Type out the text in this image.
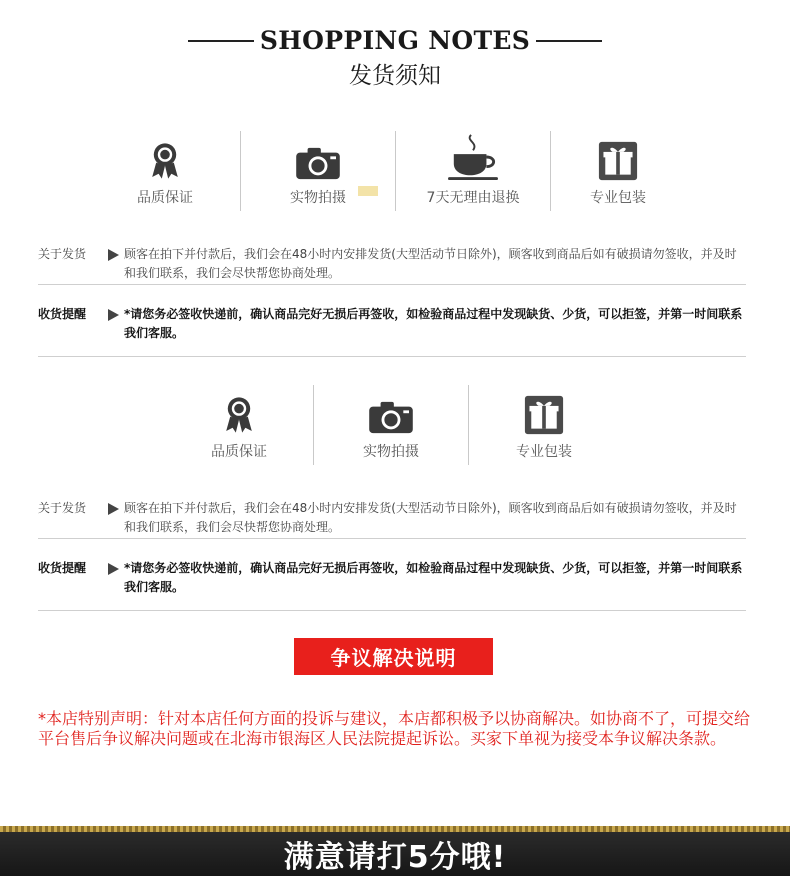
SHOPPING NOTES
发货须知
品质保证	实物拍摄	7天无理由退换	专业包装
关于发货	顾客在拍下并付款后，我们会在48小时内安排发货(大型活动节日除外)，顾客收到商品后如有破损请勿签收，并及时和我们联系，我们会尽快帮您协商处理。
收货提醒	*请您务必签收快递前，确认商品完好无损后再签收，如检验商品过程中发现缺货、少货，可以拒签，并第一时间联系我们客服。
品质保证	实物拍摄	专业包装
关于发货	顾客在拍下并付款后，我们会在48小时内安排发货(大型活动节日除外)，顾客收到商品后如有破损请勿签收，并及时和我们联系，我们会尽快帮您协商处理。
收货提醒	*请您务必签收快递前，确认商品完好无损后再签收，如检验商品过程中发现缺货、少货，可以拒签，并第一时间联系我们客服。
争议解决说明
*本店特别声明：针对本店任何方面的投诉与建议，本店都积极予以协商解决。如协商不了，可提交给平台售后争议解决问题或在北海市银海区人民法院提起诉讼。买家下单视为接受本争议解决条款。
满意请打5分哦!
